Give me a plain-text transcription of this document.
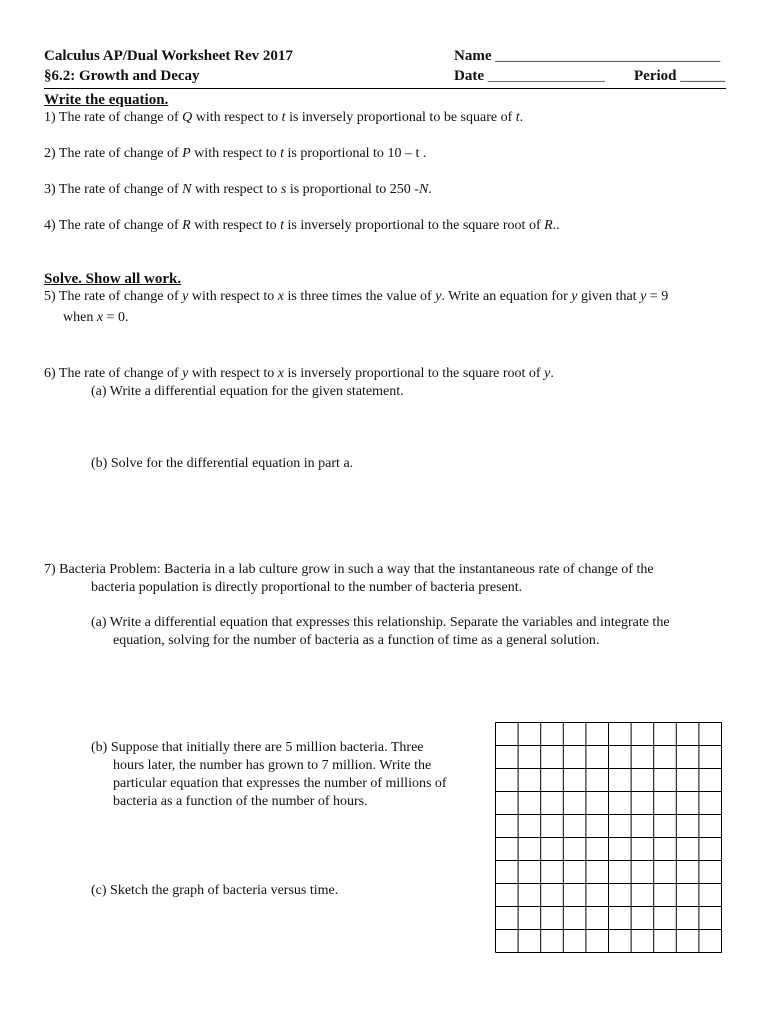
Calculus AP/Dual Worksheet Rev 2017
§6.2: Growth and Decay
Name ______________________________
Date __________________ Period ______
Write the equation.
1) The rate of change of Q with respect to t is inversely proportional to be square of t.
2) The rate of change of P with respect to t is proportional to 10 – t .
3) The rate of change of N with respect to s is proportional to 250 -N.
4) The rate of change of R with respect to t is inversely proportional to the square root of R..
Solve. Show all work.
5) The rate of change of y with respect to x is three times the value of y. Write an equation for y given that y = 9
when x = 0.
6) The rate of change of y with respect to x is inversely proportional to the square root of y.
(a) Write a differential equation for the given statement.
(b) Solve for the differential equation in part a.
7) Bacteria Problem: Bacteria in a lab culture grow in such a way that the instantaneous rate of change of the
bacteria population is directly proportional to the number of bacteria present.
(a) Write a differential equation that expresses this relationship. Separate the variables and integrate the
equation, solving for the number of bacteria as a function of time as a general solution.
(b) Suppose that initially there are 5 million bacteria. Three
hours later, the number has grown to 7 million. Write the
particular equation that expresses the number of millions of
bacteria as a function of the number of hours.
(c) Sketch the graph of bacteria versus time.
